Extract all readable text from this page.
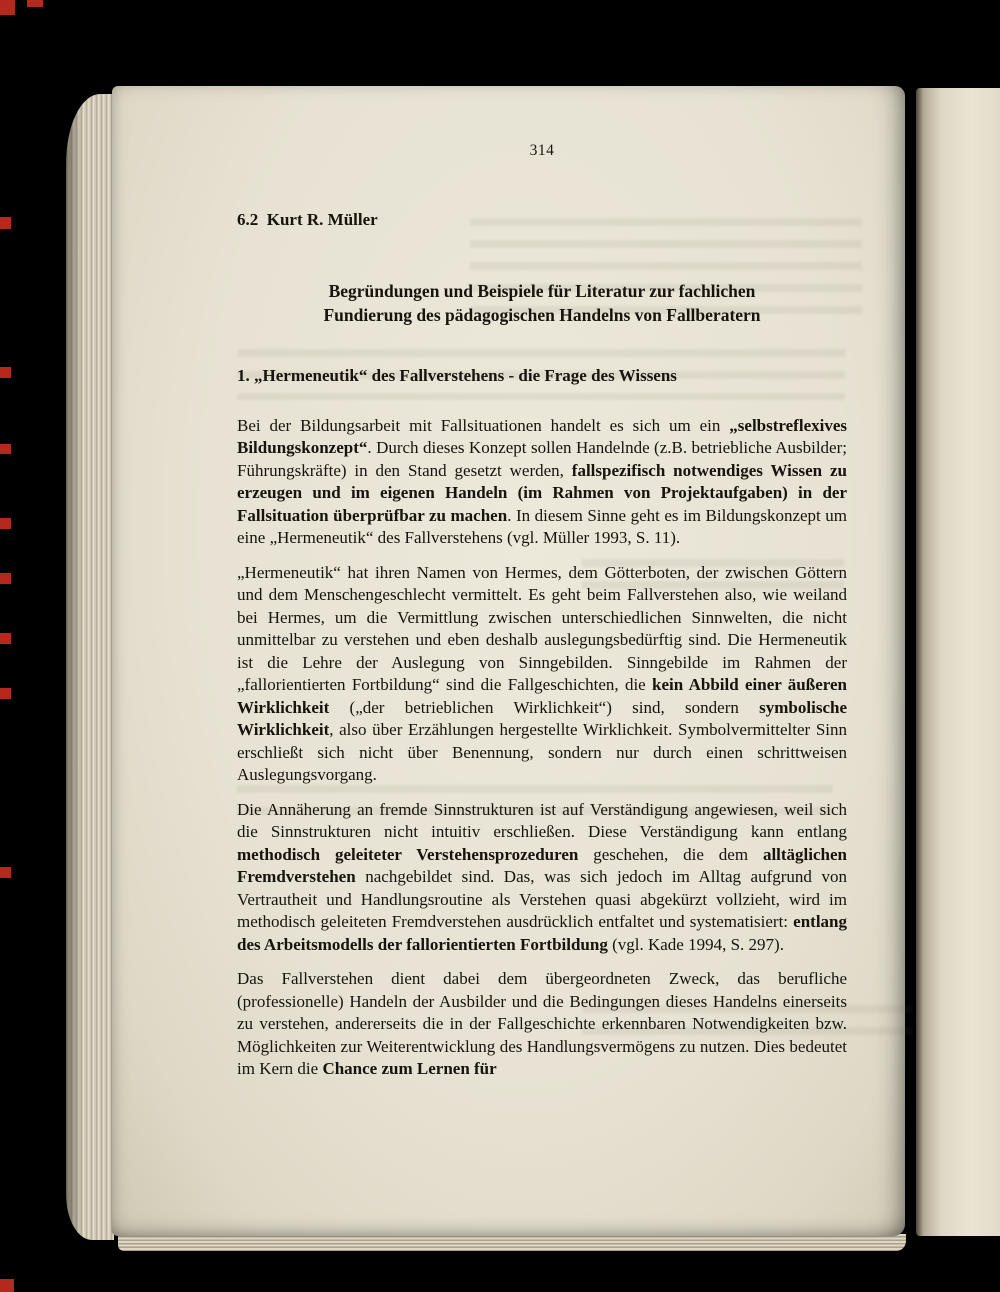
314
6.2  Kurt R. Müller
Begründungen und Beispiele für Literatur zur fachlichen
Fundierung des pädagogischen Handelns von Fallberatern
1. „Hermeneutik“ des Fallverstehens - die Frage des Wissens

Bei der Bildungsarbeit mit Fallsituationen handelt es sich um ein „selbstreflexives Bildungskonzept“. Durch dieses Konzept sollen Handelnde (z.B. betriebliche Ausbilder; Führungskräfte) in den Stand gesetzt werden, fallspezifisch notwendiges Wissen zu erzeugen und im eigenen Handeln (im Rahmen von Projektaufgaben) in der Fallsituation überprüfbar zu machen. In diesem Sinne geht es im Bildungskonzept um eine „Hermeneutik“ des Fallverstehens (vgl. Müller 1993, S. 11).

„Hermeneutik“ hat ihren Namen von Hermes, dem Götterboten, der zwischen Göttern und dem Menschengeschlecht vermittelt. Es geht beim Fallverstehen also, wie weiland bei Hermes, um die Vermittlung zwischen unterschiedlichen Sinnwelten, die nicht unmittelbar zu verstehen und eben deshalb auslegungsbedürftig sind. Die Hermeneutik ist die Lehre der Auslegung von Sinngebilden. Sinngebilde im Rahmen der „fallorientierten Fortbildung“ sind die Fallgeschichten, die kein Abbild einer äußeren Wirklichkeit („der betrieblichen Wirklichkeit“) sind, sondern symbolische Wirklichkeit, also über Erzählungen hergestellte Wirklichkeit. Symbolvermittelter Sinn erschließt sich nicht über Benennung, sondern nur durch einen schrittweisen Auslegungsvorgang.

Die Annäherung an fremde Sinnstrukturen ist auf Verständigung angewiesen, weil sich die Sinnstrukturen nicht intuitiv erschließen. Diese Verständigung kann entlang methodisch geleiteter Verstehensprozeduren geschehen, die dem alltäglichen Fremdverstehen nachgebildet sind. Das, was sich jedoch im Alltag aufgrund von Vertrautheit und Handlungsroutine als Verstehen quasi abgekürzt vollzieht, wird im methodisch geleiteten Fremdverstehen ausdrücklich entfaltet und systematisiert: entlang des Arbeitsmodells der fallorientierten Fortbildung (vgl. Kade 1994, S. 297).

Das Fallverstehen dient dabei dem übergeordneten Zweck, das berufliche (professionelle) Handeln der Ausbilder und die Bedingungen dieses Handelns einerseits zu verstehen, andererseits die in der Fallgeschichte erkennbaren Notwendigkeiten bzw. Möglichkeiten zur Weiterentwicklung des Handlungsvermögens zu nutzen. Dies bedeutet im Kern die Chance zum Lernen für
